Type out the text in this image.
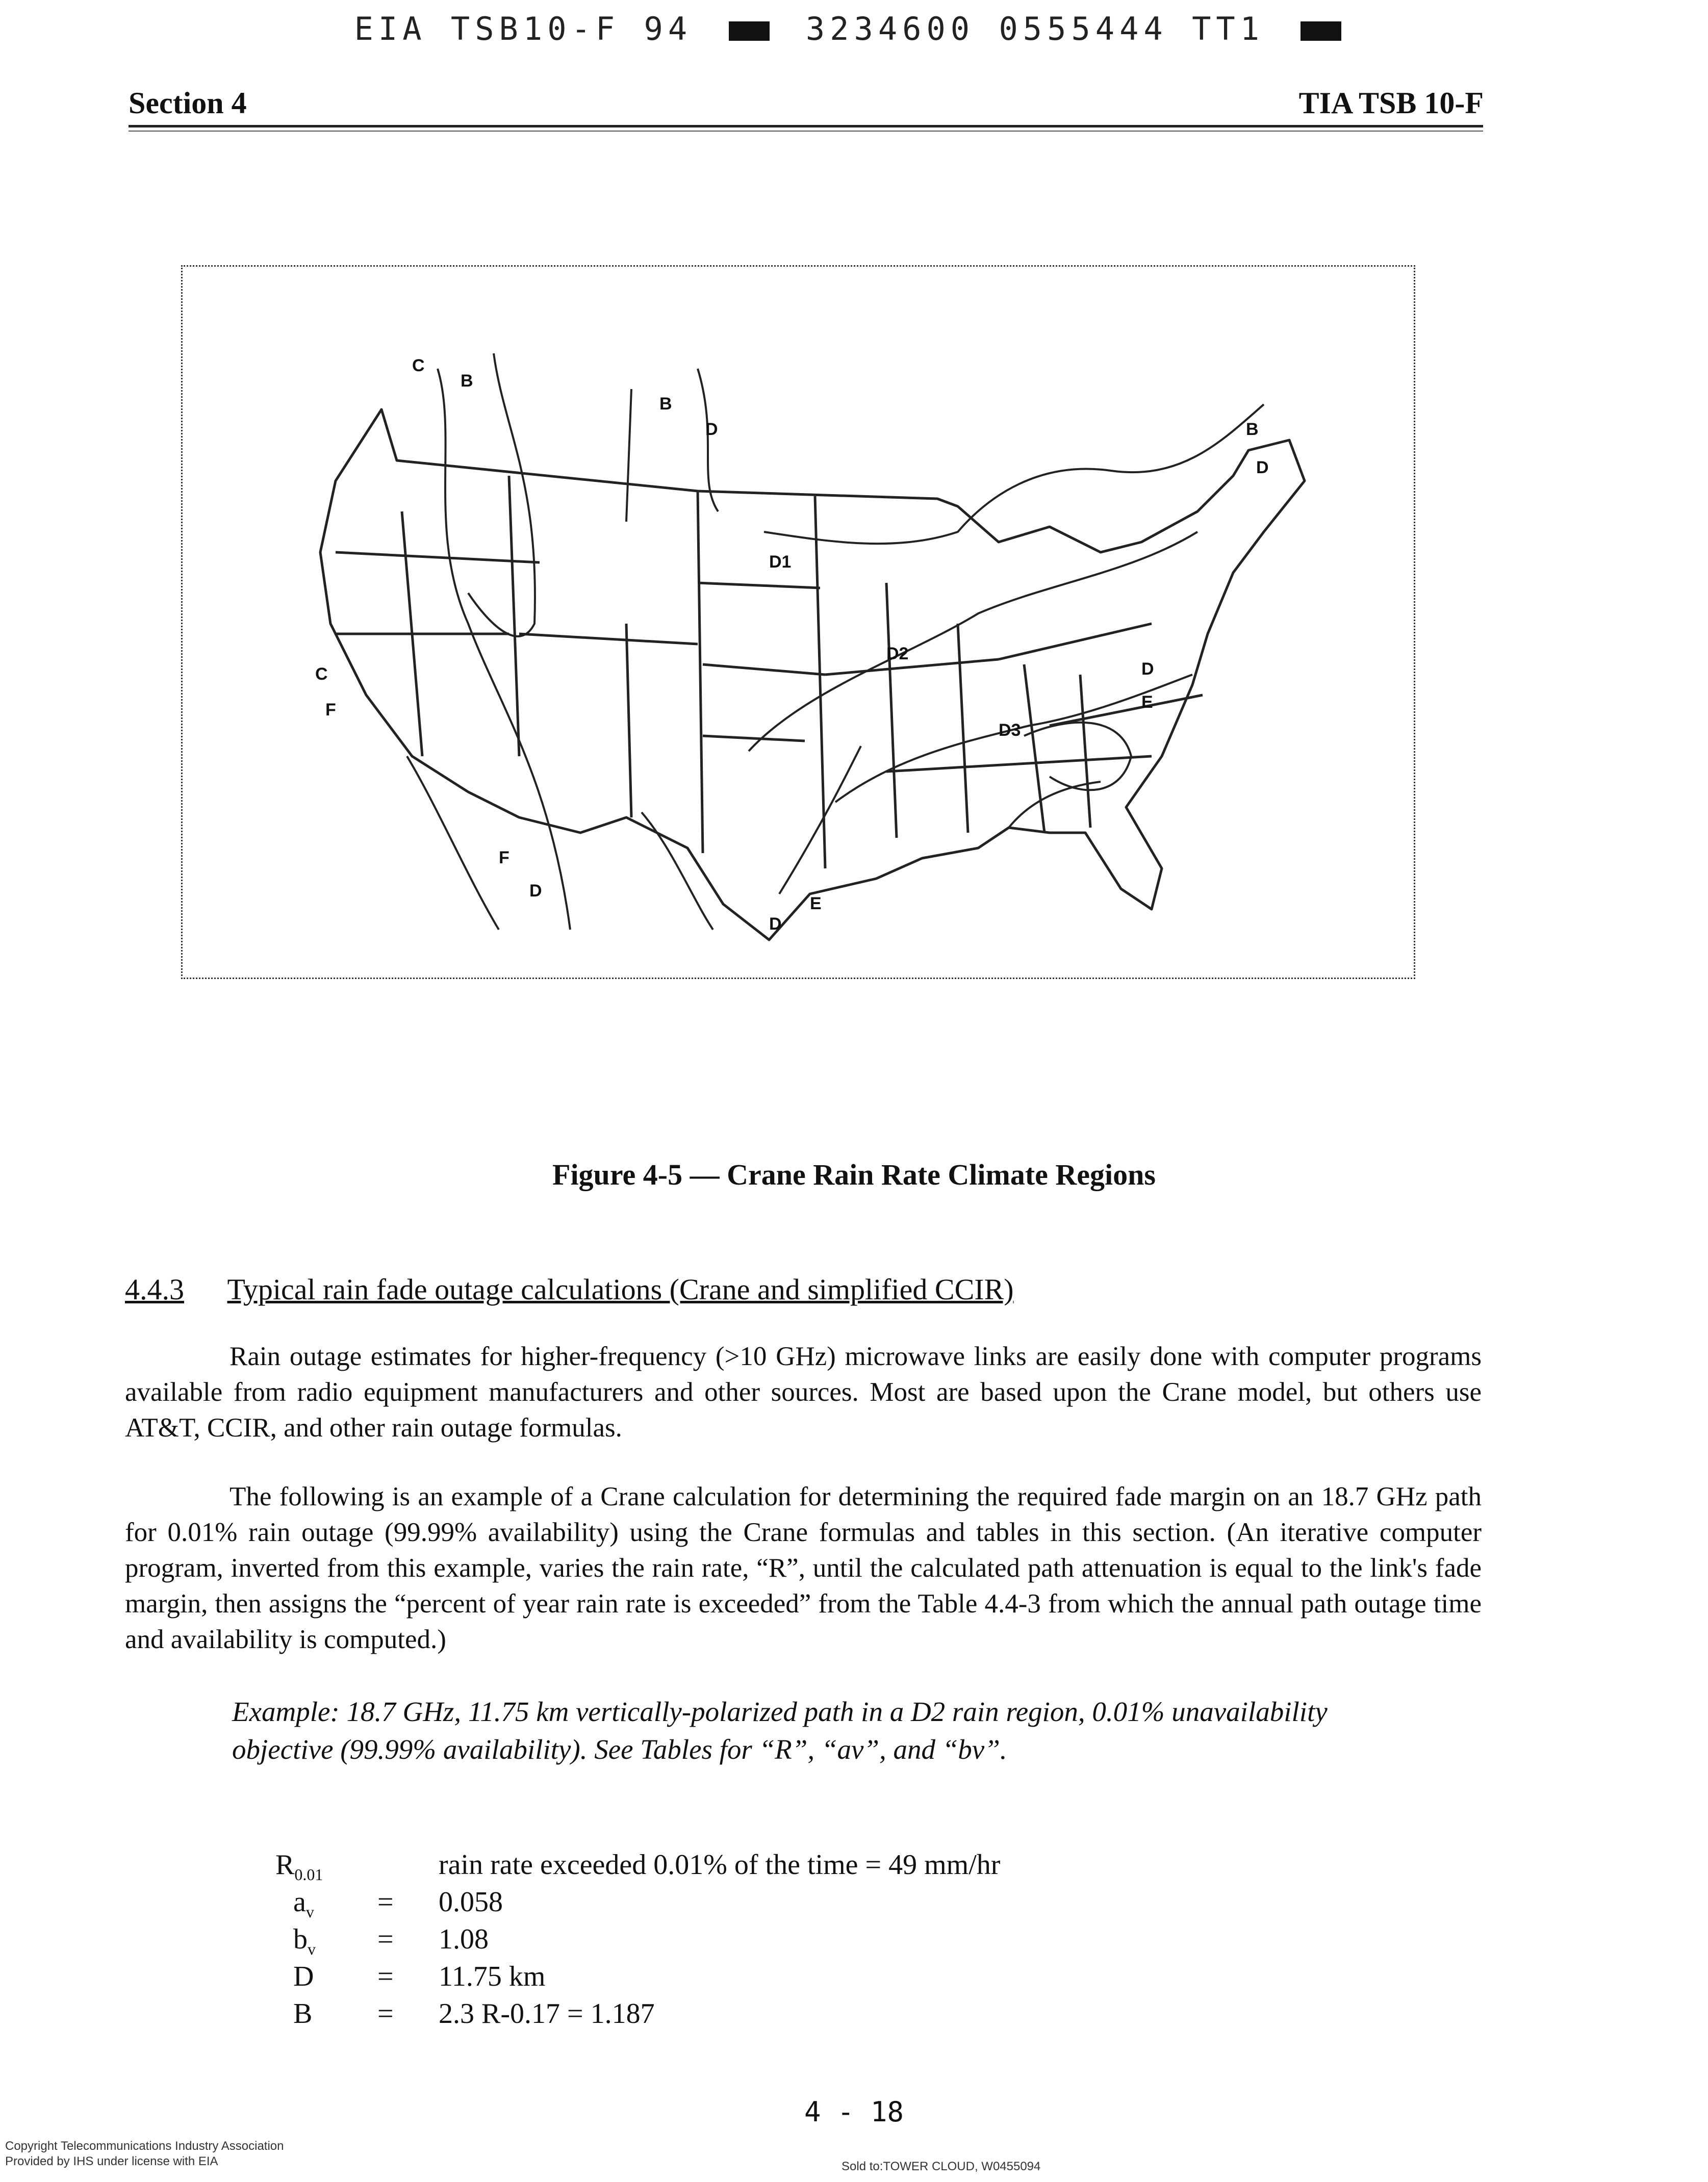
EIA TSB10-F 94	3234600 0555444 TT1
Section 4	TIA TSB 10-F
C
B
B
D	B
D
D1
D2
D
E
D3
C
F
F
D
D
E
Figure 4-5 — Crane Rain Rate Climate Regions
4.4.3 Typical rain fade outage calculations (Crane and simplified CCIR)
Rain outage estimates for higher-frequency (>10 GHz) microwave links are easily done with computer programs available from radio equipment manufacturers and other sources. Most are based upon the Crane model, but others use AT&T, CCIR, and other rain outage formulas.
The following is an example of a Crane calculation for determining the required fade margin on an 18.7 GHz path for 0.01% rain outage (99.99% availability) using the Crane formulas and tables in this section. (An iterative computer program, inverted from this example, varies the rain rate, “R”, until the calculated path attenuation is equal to the link's fade margin, then assigns the “percent of year rain rate is exceeded” from the Table 4.4-3 from which the annual path outage time and availability is computed.)
Example: 18.7 GHz, 11.75 km vertically-polarized path in a D2 rain region, 0.01% unavailability objective (99.99% availability). See Tables for “R”, “av”, and “bv”.
$R_{0.01}$	rain rate exceeded 0.01% of the time = 49 mm/hr
$a_v = 0.058$
$b_v = 1.08$
D = 11.75 km
B = 2.3 R-0.17 = 1.187
4 - 18
Copyright Telecommunications Industry Association
Provided by IHS under license with EIA	Sold to:TOWER CLOUD, W0455094
